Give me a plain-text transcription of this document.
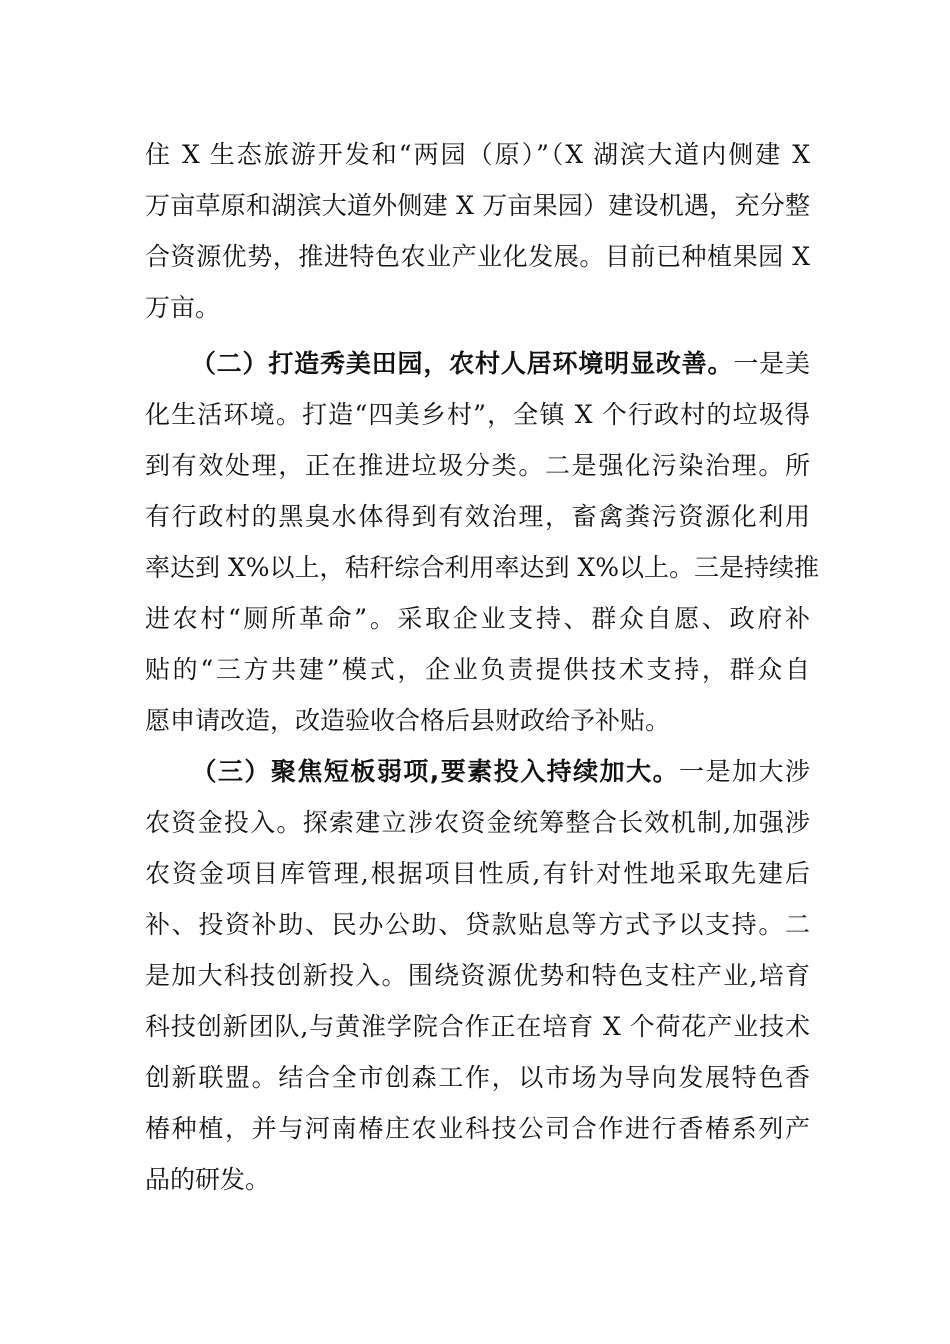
住 X 生态旅游开发和“两园（原）”（X 湖滨大道内侧建 X
万亩草原和湖滨大道外侧建 X 万亩果园）建设机遇，充分整
合资源优势，推进特色农业产业化发展。目前已种植果园 X
万亩。
（二）打造秀美田园，农村人居环境明显改善。一是美
化生活环境。打造“四美乡村”，全镇 X 个行政村的垃圾得
到有效处理，正在推进垃圾分类。二是强化污染治理。所
有行政村的黑臭水体得到有效治理，畜禽粪污资源化利用
率达到 X%以上，秸秆综合利用率达到 X%以上。三是持续推
进农村“厕所革命”。采取企业支持、群众自愿、政府补
贴的“三方共建”模式，企业负责提供技术支持，群众自
愿申请改造，改造验收合格后县财政给予补贴。
（三）聚焦短板弱项,要素投入持续加大。一是加大涉
农资金投入。探索建立涉农资金统筹整合长效机制,加强涉
农资金项目库管理,根据项目性质,有针对性地采取先建后
补、投资补助、民办公助、贷款贴息等方式予以支持。二
是加大科技创新投入。围绕资源优势和特色支柱产业,培育
科技创新团队,与黄淮学院合作正在培育 X 个荷花产业技术
创新联盟。结合全市创森工作，以市场为导向发展特色香
椿种植，并与河南椿庄农业科技公司合作进行香椿系列产
品的研发。
